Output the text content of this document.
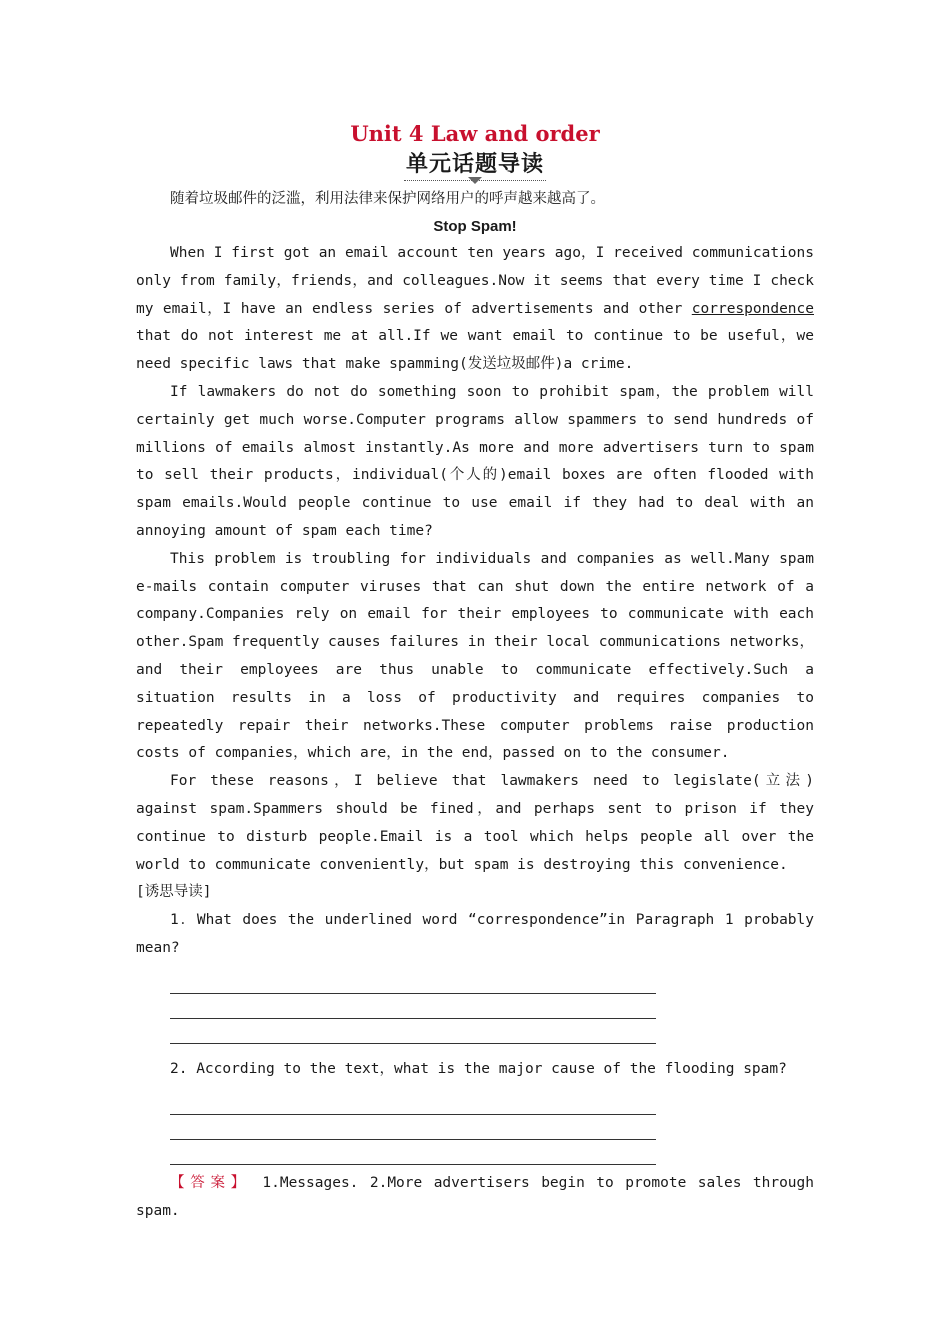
Unit 4 Law and order
单元话题导读
随着垃圾邮件的泛滥，利用法律来保护网络用户的呼声越来越高了。
Stop Spam!

When I first got an email account ten years ago，I received communications only from family，friends，and colleagues.Now it seems that every time I check my email，I have an endless series of advertisements and other correspondence that do not interest me at all.If we want email to continue to be useful，we need specific laws that make spamming(发送垃圾邮件)a crime.

If lawmakers do not do something soon to prohibit spam，the problem will certainly get much worse.Computer programs allow spammers to send hundreds of millions of emails almost instantly.As more and more advertisers turn to spam to sell their products，individual(个人的)email boxes are often flooded with spam emails.Would people continue to use email if they had to deal with an annoying amount of spam each time?

This problem is troubling for individuals and companies as well.Many spam e-mails contain computer viruses that can shut down the entire network of a company.Companies rely on email for their employees to communicate with each other.Spam frequently causes failures in their local communications networks，and their employees are thus unable to communicate effectively.Such a situation results in a loss of productivity and requires companies to repeatedly repair their networks.These computer problems raise production costs of companies，which are，in the end，passed on to the consumer.

For these reasons，I believe that lawmakers need to legislate(立法) against spam.Spammers should be fined，and perhaps sent to prison if they continue to disturb people.Email is a tool which helps people all over the world to communicate conveniently，but spam is destroying this convenience.

[诱思导读]

1．What does the underlined word “correspondence”in Paragraph 1 probably mean?

2. According to the text，what is the major cause of the flooding spam?

【答案】 1.Messages. 2.More advertisers begin to promote sales through spam.
